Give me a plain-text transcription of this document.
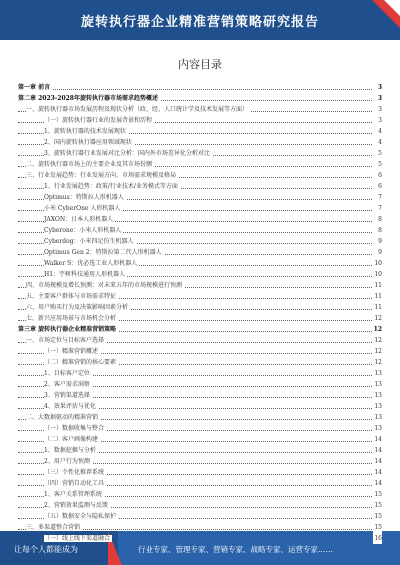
旋转执行器企业精准营销策略研究报告
内容目录
第一章 前言	3
第二章 2023-2028年旋转执行器市场需求趋势概述	3
一、旋转执行器市场发展历程及现状分析（政、经、人口统计学及技术发展等方面）	3
（一）旋转执行器行业的发展背景和历程	3
1、旋转执行器的技术发展现状	4
2、国内旋转执行器应用领域现状	4
3、旋转执行器行业发展对比分析：国内外市场差异化分析对比	5
二、旋转执行器市场上的主要企业及其市场份额	5
三、行业发展趋势：行业发展方向、市场需求规模及格局	6
1、行业发展趋势：政策/行业技术/业务模式等方面	6
Optimus：特斯拉人形机器人	7
小米 CyberOne 人形机器人	7
JAXON：日本人形机器人	8
Cyberone：小米人形机器人	8
Cyberdog：小米四足仿生机器人	9
Optimus Gen 2：特斯拉第二代人形机器人	9
Walker S：优必选工业人形机器人	10
H1：宇树科技通用人形机器人	10
四、市场规模及增长预测：对未来五年的市场规模进行预测	11
五、主要客户群体与市场需求特征	11
六、用户购买行为及决策影响因素分析	11
七、新兴应用场景与市场机会分析	12
第三章 旋转执行器企业精准营销策略	12
一、市场定位与目标客户选择	12
（一）精准营销概述	12
（二）精准营销的核心要素	12
1、目标客户定位	13
2、客户需求洞察	13
3、营销渠道选择	13
4、效果评估与优化	13
二、大数据驱动的精准营销	13
（一）数据收集与整合	13
（二）客户画像构建	14
1、数据挖掘与分析	14
2、用户行为预测	14
（三）个性化推荐系统	14
（四）营销自动化工具	14
1、客户关系管理系统	15
2、营销效果监测与反馈	15
（五）数据安全与隐私保护	15
三、多渠道整合营销	15
（一）线上线下渠道融合	16
让每个人都能成为	行业专家、管理专家、营销专家、战略专家、运营专家……
